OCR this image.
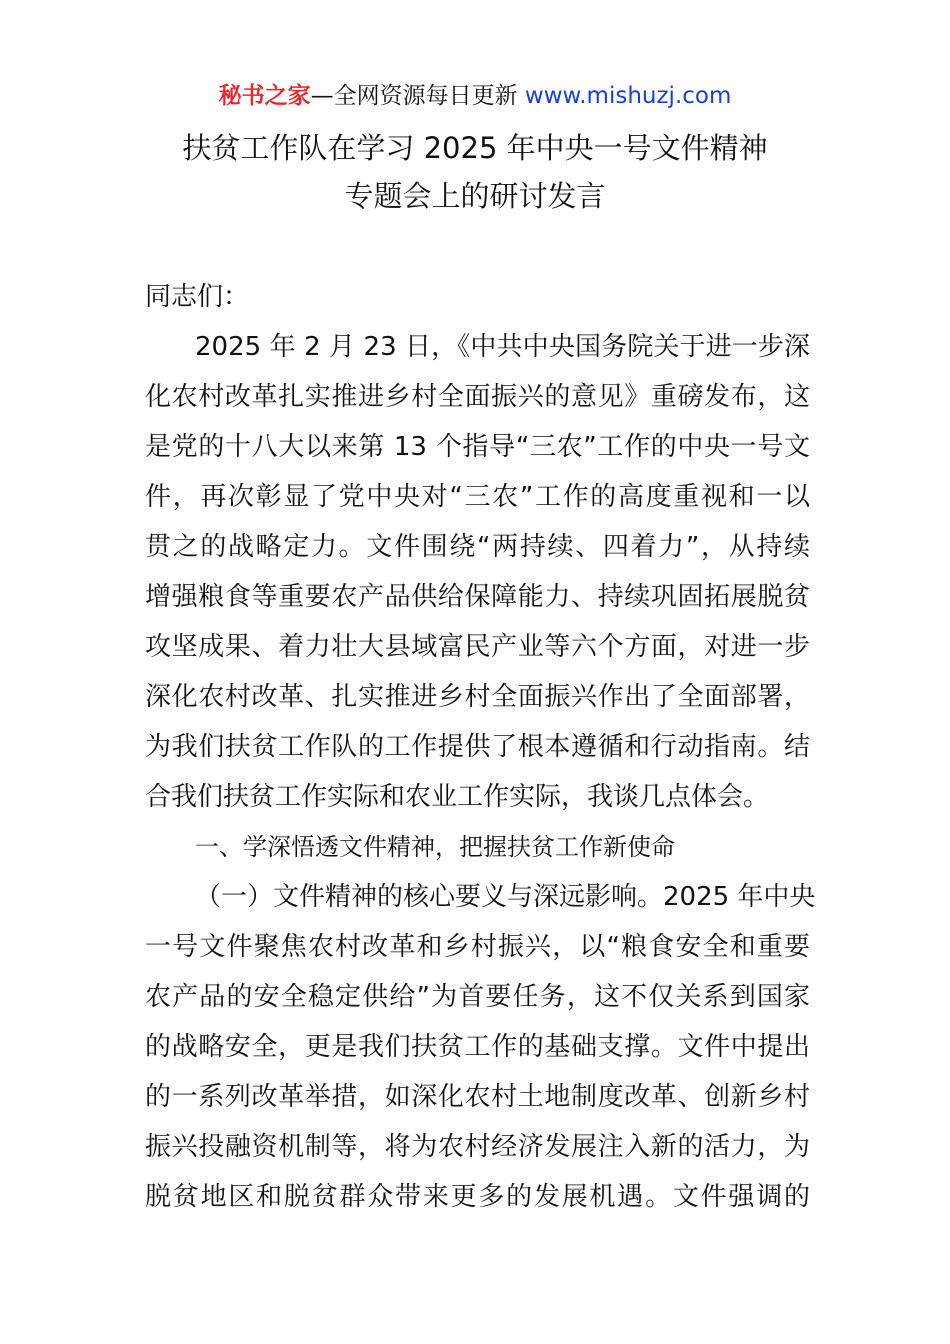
秘书之家—全网资源每日更新 www.mishuzj.com
扶贫工作队在学习 2025 年中央一号文件精神
专题会上的研讨发言
同志们：
2025 年 2 月 23 日，《中共中央国务院关于进一步深
化农村改革扎实推进乡村全面振兴的意见》重磅发布，这
是党的十八大以来第 13 个指导“三农”工作的中央一号文
件，再次彰显了党中央对“三农”工作的高度重视和一以
贯之的战略定力。文件围绕“两持续、四着力”，从持续
增强粮食等重要农产品供给保障能力、持续巩固拓展脱贫
攻坚成果、着力壮大县域富民产业等六个方面，对进一步
深化农村改革、扎实推进乡村全面振兴作出了全面部署，
为我们扶贫工作队的工作提供了根本遵循和行动指南。结
合我们扶贫工作实际和农业工作实际，我谈几点体会。
一、学深悟透文件精神，把握扶贫工作新使命
（一）文件精神的核心要义与深远影响。2025 年中央
一号文件聚焦农村改革和乡村振兴，以“粮食安全和重要
农产品的安全稳定供给”为首要任务，这不仅关系到国家
的战略安全，更是我们扶贫工作的基础支撑。文件中提出
的一系列改革举措，如深化农村土地制度改革、创新乡村
振兴投融资机制等，将为农村经济发展注入新的活力，为
脱贫地区和脱贫群众带来更多的发展机遇。文件强调的
